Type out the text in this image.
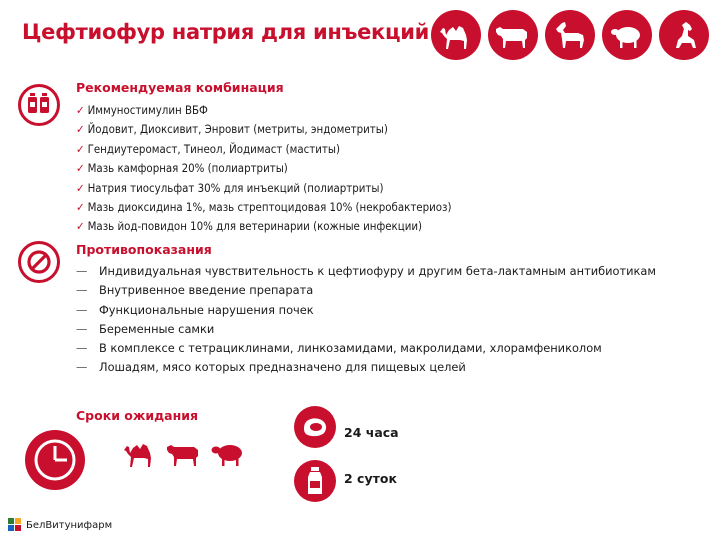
Цефтиофур натрия для инъекций
Рекомендуемая комбинация
✓ Иммуностимулин ВБФ
✓ Йодовит, Диоксивит, Энровит (метриты, эндометриты)
✓ Гендиутеромаст, Тинеол, Йодимаст (маститы)
✓ Мазь камфорная 20% (полиартриты)
✓ Натрия тиосульфат 30% для инъекций (полиартриты)
✓ Мазь диоксидина 1%, мазь стрептоцидовая 10% (некробактериоз)
✓ Мазь йод-повидон 10% для ветеринарии (кожные инфекции)
Противопоказания
— Индивидуальная чувствительность к цефтиофуру и другим бета-лактамным антибиотикам
— Внутривенное введение препарата
— Функциональные нарушения почек
— Беременные самки
— В комплексе с тетрациклинами, линкозамидами, макролидами, хлорамфениколом
— Лошадям, мясо которых предназначено для пищевых целей
Сроки ожидания
24 часа
2 суток
БелВитунифарм
